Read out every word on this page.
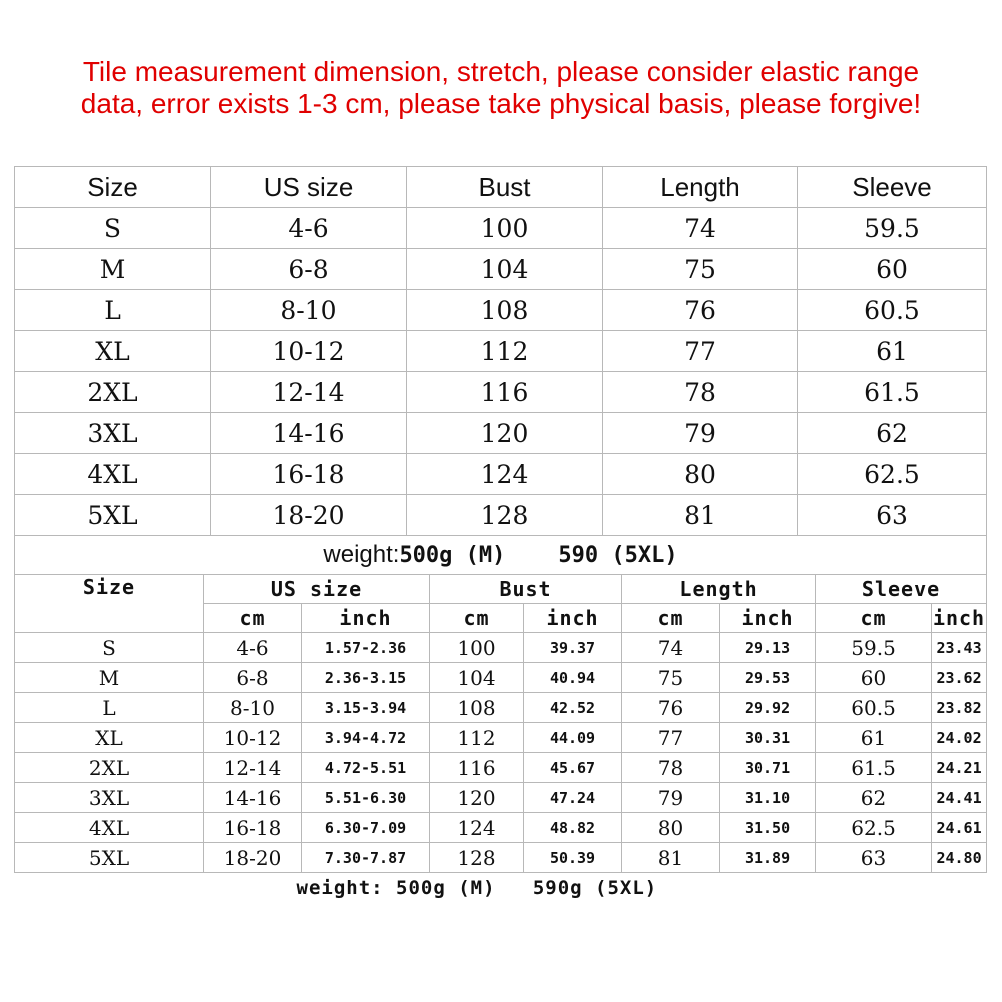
Tile measurement dimension, stretch, please consider elastic range
data, error exists 1-3 cm, please take physical basis, please forgive!
Size	US size	Bust	Length	Sleeve
S	4-6	100	74	59.5
M	6-8	104	75	60
L	8-10	108	76	60.5
XL	10-12	112	77	61
2XL	12-14	116	78	61.5
3XL	14-16	120	79	62
4XL	16-18	124	80	62.5
5XL	18-20	128	81	63
weight:500g (M)    590 (5XL)				
Size	US size		Bust		Length		Sleeve	
	cm	inch	cm	inch	cm	inch	cm	inch
S	4-6	1.57-2.36	100	39.37	74	29.13	59.5	23.43
M	6-8	2.36-3.15	104	40.94	75	29.53	60	23.62
L	8-10	3.15-3.94	108	42.52	76	29.92	60.5	23.82
XL	10-12	3.94-4.72	112	44.09	77	30.31	61	24.02
2XL	12-14	4.72-5.51	116	45.67	78	30.71	61.5	24.21
3XL	14-16	5.51-6.30	120	47.24	79	31.10	62	24.41
4XL	16-18	6.30-7.09	124	48.82	80	31.50	62.5	24.61
5XL	18-20	7.30-7.87	128	50.39	81	31.89	63	24.80
weight: 500g (M)   590g (5XL)								
